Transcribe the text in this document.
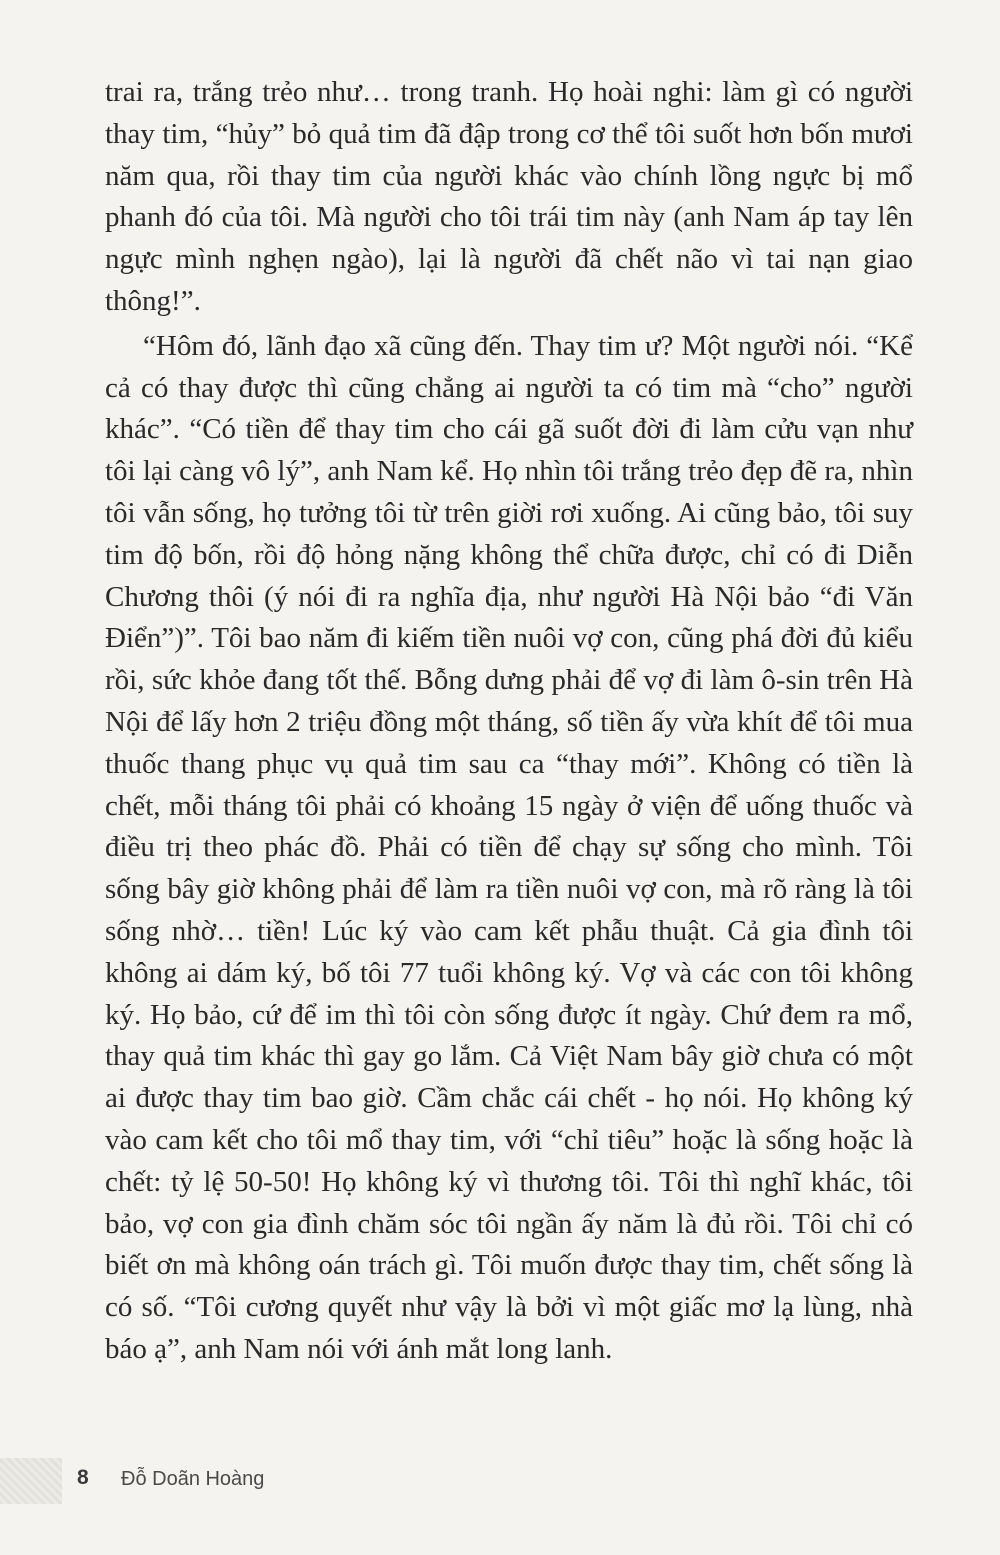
trai ra, trắng trẻo như… trong tranh. Họ hoài nghi: làm gì có người thay tim, “hủy” bỏ quả tim đã đập trong cơ thể tôi suốt hơn bốn mươi năm qua, rồi thay tim của người khác vào chính lồng ngực bị mổ phanh đó của tôi. Mà người cho tôi trái tim này (anh Nam áp tay lên ngực mình nghẹn ngào), lại là người đã chết não vì tai nạn giao thông!”.

“Hôm đó, lãnh đạo xã cũng đến. Thay tim ư? Một người nói. “Kể cả có thay được thì cũng chẳng ai người ta có tim mà “cho” người khác”. “Có tiền để thay tim cho cái gã suốt đời đi làm cửu vạn như tôi lại càng vô lý”, anh Nam kể. Họ nhìn tôi trắng trẻo đẹp đẽ ra, nhìn tôi vẫn sống, họ tưởng tôi từ trên giời rơi xuống. Ai cũng bảo, tôi suy tim độ bốn, rồi độ hỏng nặng không thể chữa được, chỉ có đi Diễn Chương thôi (ý nói đi ra nghĩa địa, như người Hà Nội bảo “đi Văn Điển”)”. Tôi bao năm đi kiếm tiền nuôi vợ con, cũng phá đời đủ kiểu rồi, sức khỏe đang tốt thế. Bỗng dưng phải để vợ đi làm ô-sin trên Hà Nội để lấy hơn 2 triệu đồng một tháng, số tiền ấy vừa khít để tôi mua thuốc thang phục vụ quả tim sau ca “thay mới”. Không có tiền là chết, mỗi tháng tôi phải có khoảng 15 ngày ở viện để uống thuốc và điều trị theo phác đồ. Phải có tiền để chạy sự sống cho mình. Tôi sống bây giờ không phải để làm ra tiền nuôi vợ con, mà rõ ràng là tôi sống nhờ… tiền! Lúc ký vào cam kết phẫu thuật. Cả gia đình tôi không ai dám ký, bố tôi 77 tuổi không ký. Vợ và các con tôi không ký. Họ bảo, cứ để im thì tôi còn sống được ít ngày. Chứ đem ra mổ, thay quả tim khác thì gay go lắm. Cả Việt Nam bây giờ chưa có một ai được thay tim bao giờ. Cầm chắc cái chết - họ nói. Họ không ký vào cam kết cho tôi mổ thay tim, với “chỉ tiêu” hoặc là sống hoặc là chết: tỷ lệ 50-50! Họ không ký vì thương tôi. Tôi thì nghĩ khác, tôi bảo, vợ con gia đình chăm sóc tôi ngần ấy năm là đủ rồi. Tôi chỉ có biết ơn mà không oán trách gì. Tôi muốn được thay tim, chết sống là có số. “Tôi cương quyết như vậy là bởi vì một giấc mơ lạ lùng, nhà báo ạ”, anh Nam nói với ánh mắt long lanh.

8 Đỗ Doãn Hoàng
